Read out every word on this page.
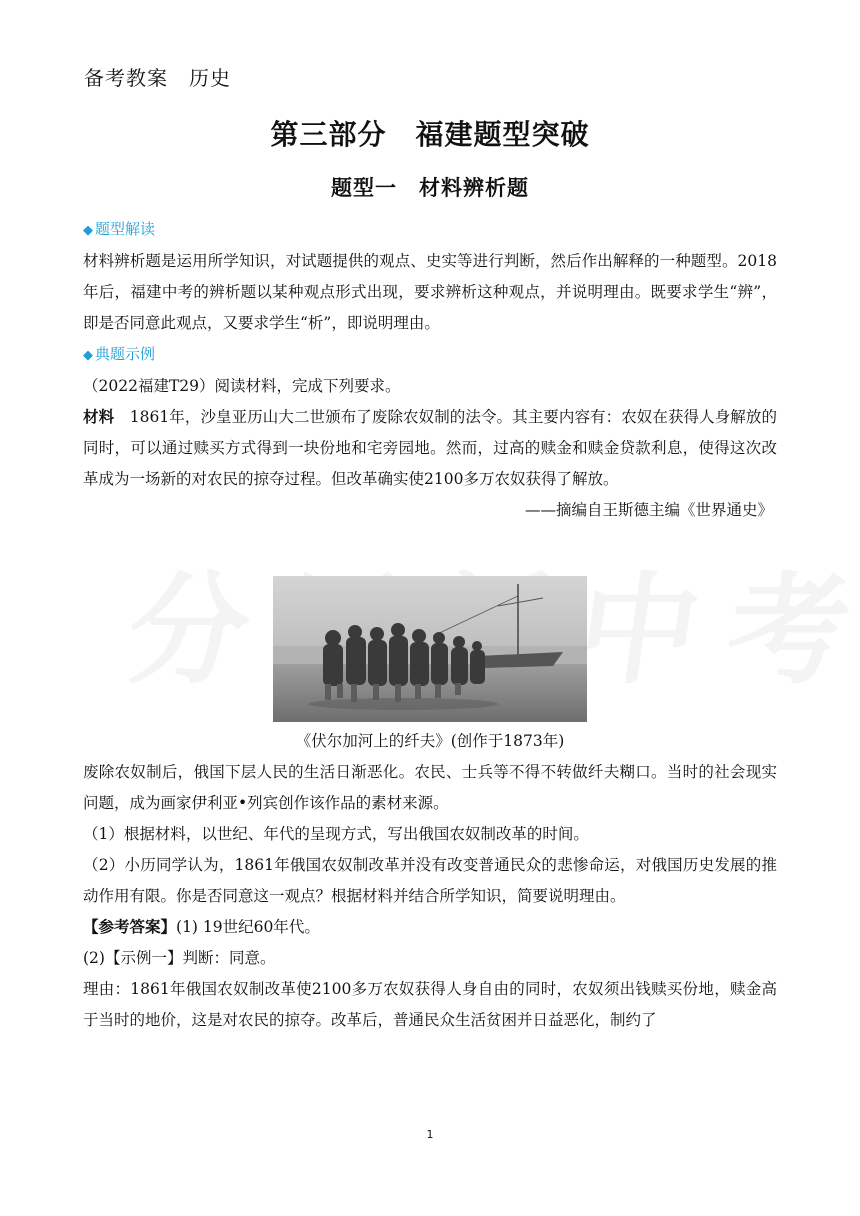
备考教案　历史
第三部分　福建题型突破
题型一　材料辨析题

◆ 题型解读

材料辨析题是运用所学知识，对试题提供的观点、史实等进行判断，然后作出解释的一种题型。2018年后，福建中考的辨析题以某种观点形式出现，要求辨析这种观点，并说明理由。既要求学生“辨”，即是否同意此观点，又要求学生“析”，即说明理由。

◆ 典题示例

（2022福建T29）阅读材料，完成下列要求。

材料　 1861年，沙皇亚历山大二世颁布了废除农奴制的法令。其主要内容有：农奴在获得人身解放的同时，可以通过赎买方式得到一块份地和宅旁园地。然而，过高的赎金和赎金贷款利息，使得这次改革成为一场新的对农民的掠夺过程。但改革确实使2100多万农奴获得了解放。

——摘编自王斯德主编《世界通史》

《伏尔加河上的纤夫》(创作于1873年)

废除农奴制后，俄国下层人民的生活日渐恶化。农民、士兵等不得不转做纤夫糊口。当时的社会现实问题，成为画家伊利亚•列宾创作该作品的素材来源。

（1）根据材料，以世纪、年代的呈现方式，写出俄国农奴制改革的时间。

（2）小历同学认为，1861年俄国农奴制改革并没有改变普通民众的悲惨命运，对俄国历史发展的推动作用有限。你是否同意这一观点？根据材料并结合所学知识，简要说明理由。

【参考答案】(1) 19世纪60年代。

(2)【示例一】判断：同意。

理由：1861年俄国农奴制改革使2100多万农奴获得人身自由的同时，农奴须出钱赎买份地，赎金高于当时的地价，这是对农民的掠夺。改革后，普通民众生活贫困并日益恶化，制约了

1
